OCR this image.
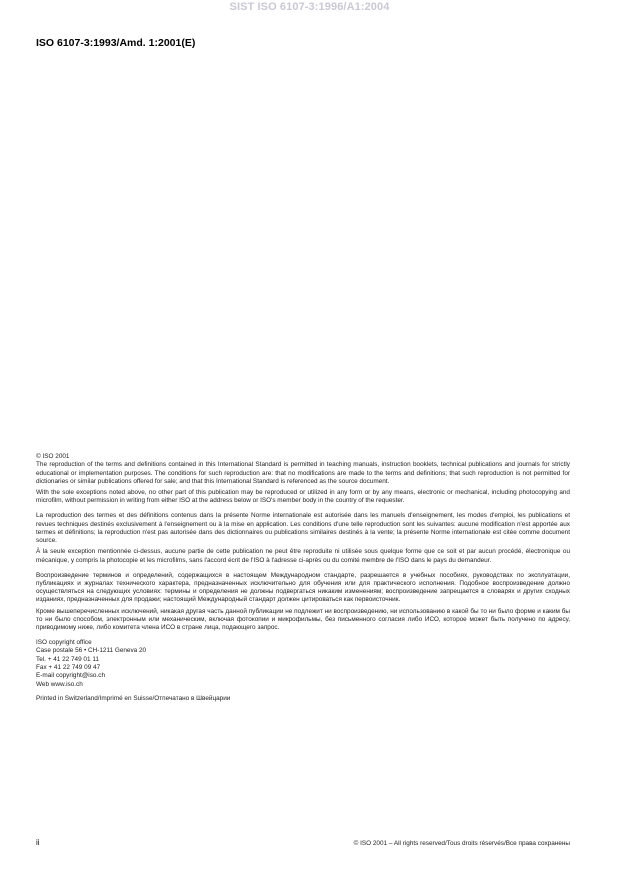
SIST ISO 6107-3:1996/A1:2004
ISO 6107-3:1993/Amd. 1:2001(E)

© ISO 2001

The reproduction of the terms and definitions contained in this International Standard is permitted in teaching manuals, instruction booklets, technical publications and journals for strictly educational or implementation purposes. The conditions for such reproduction are: that no modifications are made to the terms and definitions; that such reproduction is not permitted for dictionaries or similar publications offered for sale; and that this International Standard is referenced as the source document.

With the sole exceptions noted above, no other part of this publication may be reproduced or utilized in any form or by any means, electronic or mechanical, including photocopying and microfilm, without permission in writing from either ISO at the address below or ISO's member body in the country of the requester.

La reproduction des termes et des définitions contenus dans la présente Norme internationale est autorisée dans les manuels d'enseignement, les modes d'emploi, les publications et revues techniques destinés exclusivement à l'enseignement ou à la mise en application. Les conditions d'une telle reproduction sont les suivantes: aucune modification n'est apportée aux termes et définitions; la reproduction n'est pas autorisée dans des dictionnaires ou publications similaires destinés à la vente; la présente Norme internationale est citée comme document source.

À la seule exception mentionnée ci-dessus, aucune partie de cette publication ne peut être reproduite ni utilisée sous quelque forme que ce soit et par aucun procédé, électronique ou mécanique, y compris la photocopie et les microfilms, sans l'accord écrit de l'ISO à l'adresse ci-après ou du comité membre de l'ISO dans le pays du demandeur.

Воспроизведение терминов и определений, содержащихся в настоящем Международном стандарте, разрешается в учебных пособиях, руководствах по эксплуатации, публикациях и журналах технического характера, предназначенных исключительно для обучения или для практического исполнения. Подобное воспроизведение должно осуществляться на следующих условиях: термины и определения не должны подвергаться никаким изменениям; воспроизведение запрещается в словарях и других сходных изданиях, предназначенных для продажи; настоящий Международный стандарт должен цитироваться как первоисточник.

Кроме вышеперечисленных исключений, никакая другая часть данной публикации не подлежит ни воспроизведению, ни использованию в какой бы то ни было форме и каким бы то ни было способом, электронным или механическим, включая фотокопии и микрофильмы, без письменного согласия либо ИСО, которое может быть получено по адресу, приводимому ниже, либо комитета члена ИСО в стране лица, подающего запрос.

ISO copyright office
Case postale 56 • CH-1211 Geneva 20
Tel. + 41 22 749 01 11
Fax + 41 22 749 09 47
E-mail copyright@iso.ch
Web www.iso.ch

Printed in Switzerland/Imprimé en Suisse/Отпечатано в Швейцарии

ii	© ISO 2001 – All rights reserved/Tous droits réservés/Все права сохранены
